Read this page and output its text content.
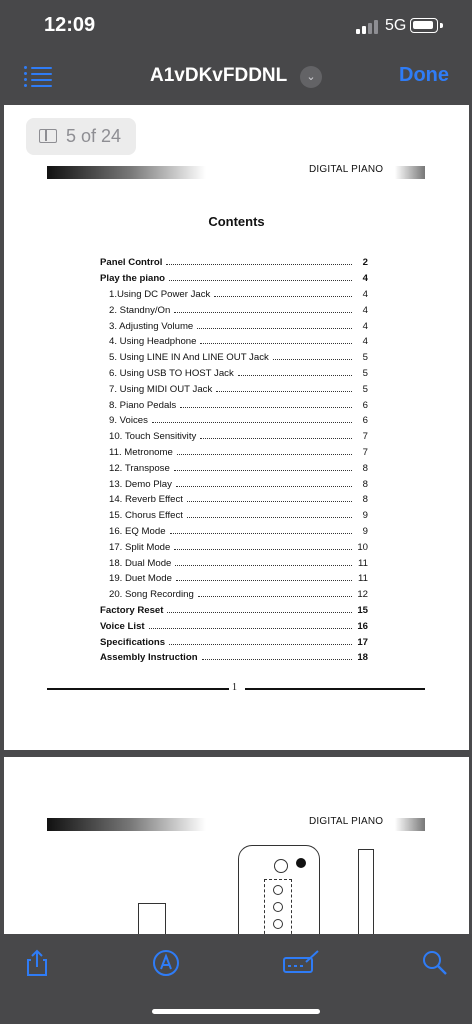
12:09	5G
A1vDKvFDDNL	⌄	Done
5 of 24
DIGITAL PIANO
Contents
Panel Control	2
Play the piano	4
1.Using DC Power Jack	4
2. Standny/On	4
3. Adjusting Volume	4
4. Using Headphone	4
5. Using LINE IN And LINE OUT Jack	5
6. Using USB TO HOST Jack	5
7. Using MIDI OUT Jack	5
8. Piano Pedals	6
9. Voices	6
10. Touch Sensitivity	7
11. Metronome	7
12. Transpose	8
13. Demo Play	8
14. Reverb Effect	8
15. Chorus Effect	9
16. EQ Mode	9
17. Split Mode	10
18. Dual Mode	11
19. Duet Mode	11
20. Song Recording	12
Factory Reset	15
Voice List	16
Specifications	17
Assembly Instruction	18
1
DIGITAL PIANO
